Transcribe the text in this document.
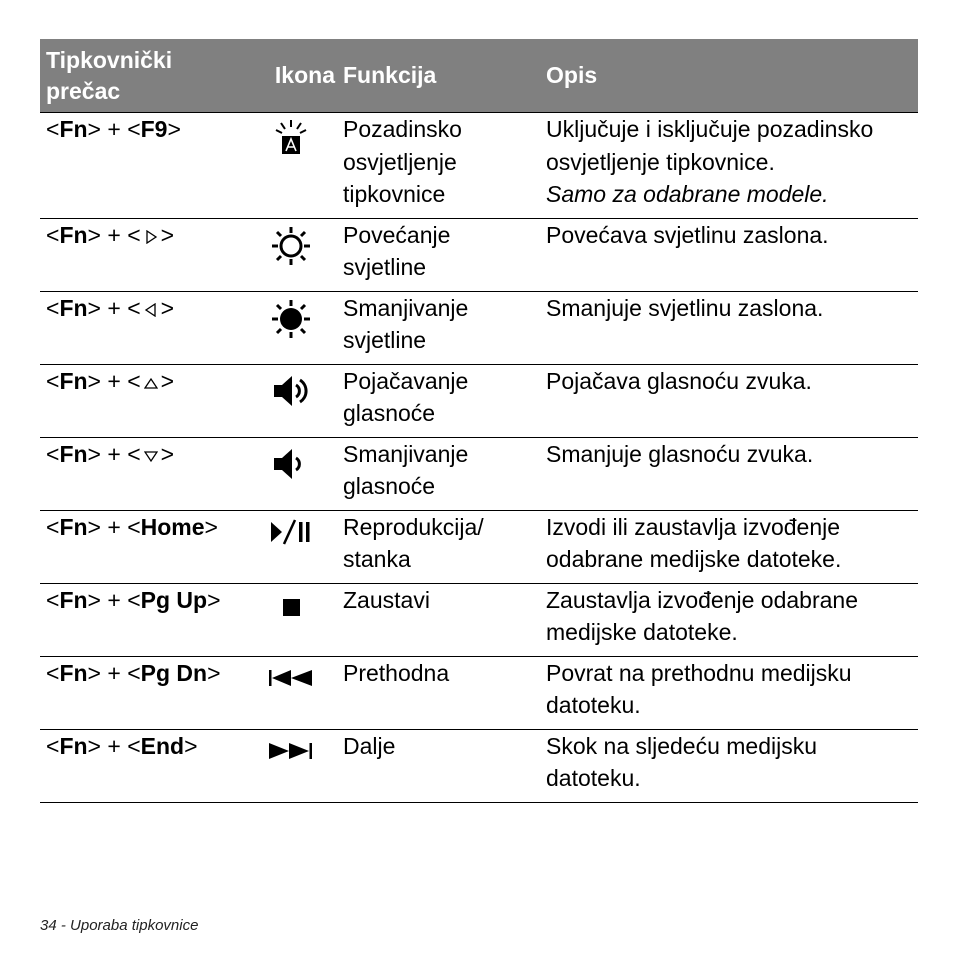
Tipkovnički prečac	Ikona	Funkcija	Opis
<Fn> + <F9>		Pozadinsko osvjetljenje tipkovnice	Uključuje i isključuje pozadinsko osvjetljenje tipkovnice.
Samo za odabrane modele.

<Fn> + < >		Povećanje svjetline	Povećava svjetlinu zaslona.
<Fn> + < >		Smanjivanje svjetline	Smanjuje svjetlinu zaslona.
<Fn> + < >		Pojačavanje glasnoće	Pojačava glasnoću zvuka.
<Fn> + < >		Smanjivanje glasnoće	Smanjuje glasnoću zvuka.
<Fn> + <Home>		Reprodukcija/ stanka	Izvodi ili zaustavlja izvođenje odabrane medijske datoteke.
<Fn> + <Pg Up>		Zaustavi	Zaustavlja izvođenje odabrane medijske datoteke.
<Fn> + <Pg Dn>		Prethodna	Povrat na prethodnu medijsku datoteku.
<Fn> + <End>		Dalje	Skok na sljedeću medijsku datoteku.
34 - Uporaba tipkovnice
